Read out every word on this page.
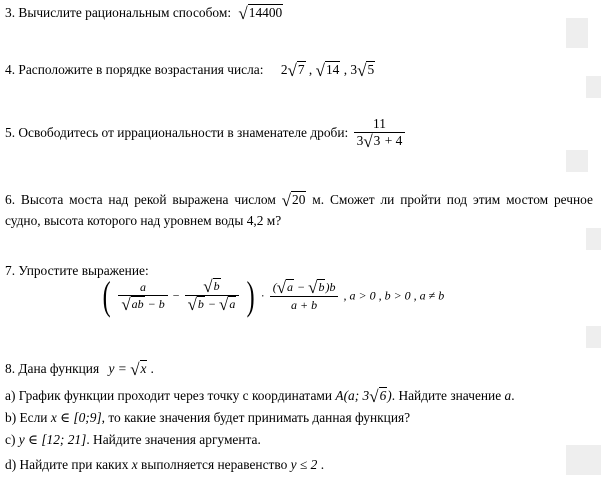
3. Вычислите рациональным способом: √14400
4. Расположите в порядке возрастания числа: 2√7 , √14 , 3√5
5. Освободитесь от иррациональности в знаменателе дроби: $\frac{11}{3√3 + 4}$
6. Высота моста над рекой выражена числом √20 м. Сможет ли пройти под этим мостом речное судно, высота которого над уровнем воды 4,2 м?
7. Упростите выражение:
( $\frac{a}{√ab - b} - \frac{√b}{√b - √a}$ ) · $\frac{(√a - √b)b}{a + b}$ , a > 0 , b > 0 , a ≠ b
8. Дана функция y = √x .
a) График функции проходит через точку с координатами A(a; 3√6). Найдите значение a.
b) Если x ∈ [0;9], то какие значения будет принимать данная функция?
c) y ∈ [12; 21]. Найдите значения аргумента.
d) Найдите при каких x выполняется неравенство y ≤ 2 .
